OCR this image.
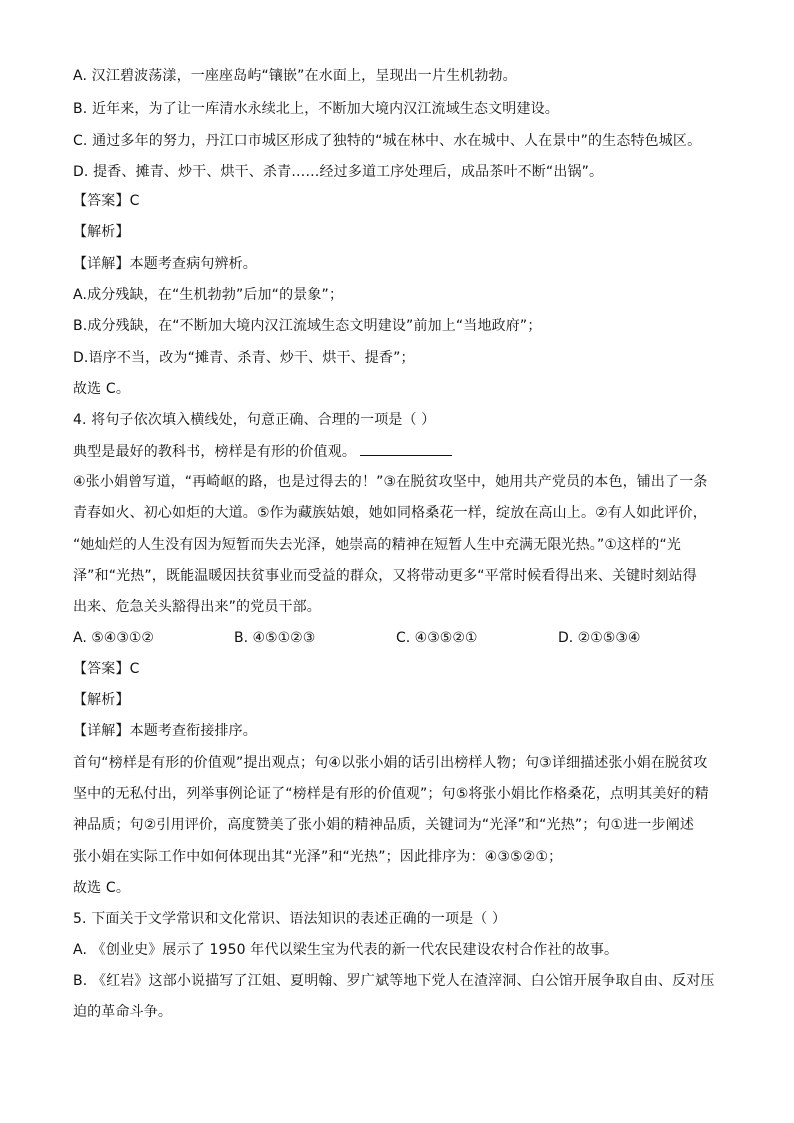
A. 汉江碧波荡漾，一座座岛屿“镶嵌”在水面上，呈现出一片生机勃勃。
B. 近年来，为了让一库清水永续北上，不断加大境内汉江流域生态文明建设。
C. 通过多年的努力，丹江口市城区形成了独特的“城在林中、水在城中、人在景中”的生态特色城区。
D. 提香、摊青、炒干、烘干、杀青……经过多道工序处理后，成品茶叶不断“出锅”。
【答案】C
【解析】
【详解】本题考查病句辨析。
A.成分残缺，在“生机勃勃”后加“的景象”；
B.成分残缺，在“不断加大境内汉江流域生态文明建设”前加上“当地政府”；
D.语序不当，改为“摊青、杀青、炒干、烘干、提香”；
故选 C。
4. 将句子依次填入横线处，句意正确、合理的一项是（ ）
典型是最好的教科书，榜样是有形的价值观。
④张小娟曾写道，“再崎岖的路，也是过得去的！”③在脱贫攻坚中，她用共产党员的本色，铺出了一条
青春如火、初心如炬的大道。⑤作为藏族姑娘，她如同格桑花一样，绽放在高山上。②有人如此评价，
“她灿烂的人生没有因为短暂而失去光泽，她崇高的精神在短暂人生中充满无限光热。”①这样的“光
泽”和“光热”，既能温暖因扶贫事业而受益的群众，又将带动更多“平常时候看得出来、关键时刻站得
出来、危急关头豁得出来”的党员干部。
A. ⑤④③①②	B. ④⑤①②③	C. ④③⑤②①	D. ②①⑤③④
【答案】C
【解析】
【详解】本题考查衔接排序。
首句“榜样是有形的价值观”提出观点；句④以张小娟的话引出榜样人物；句③详细描述张小娟在脱贫攻
坚中的无私付出，列举事例论证了“榜样是有形的价值观”；句⑤将张小娟比作格桑花，点明其美好的精
神品质；句②引用评价，高度赞美了张小娟的精神品质，关键词为“光泽”和“光热”；句①进一步阐述
张小娟在实际工作中如何体现出其“光泽”和“光热”；因此排序为：④③⑤②①；
故选 C。
5. 下面关于文学常识和文化常识、语法知识的表述正确的一项是（ ）
A. 《创业史》展示了 1950 年代以梁生宝为代表的新一代农民建设农村合作社的故事。
B. 《红岩》这部小说描写了江姐、夏明翰、罗广斌等地下党人在渣滓洞、白公馆开展争取自由、反对压
迫的革命斗争。
